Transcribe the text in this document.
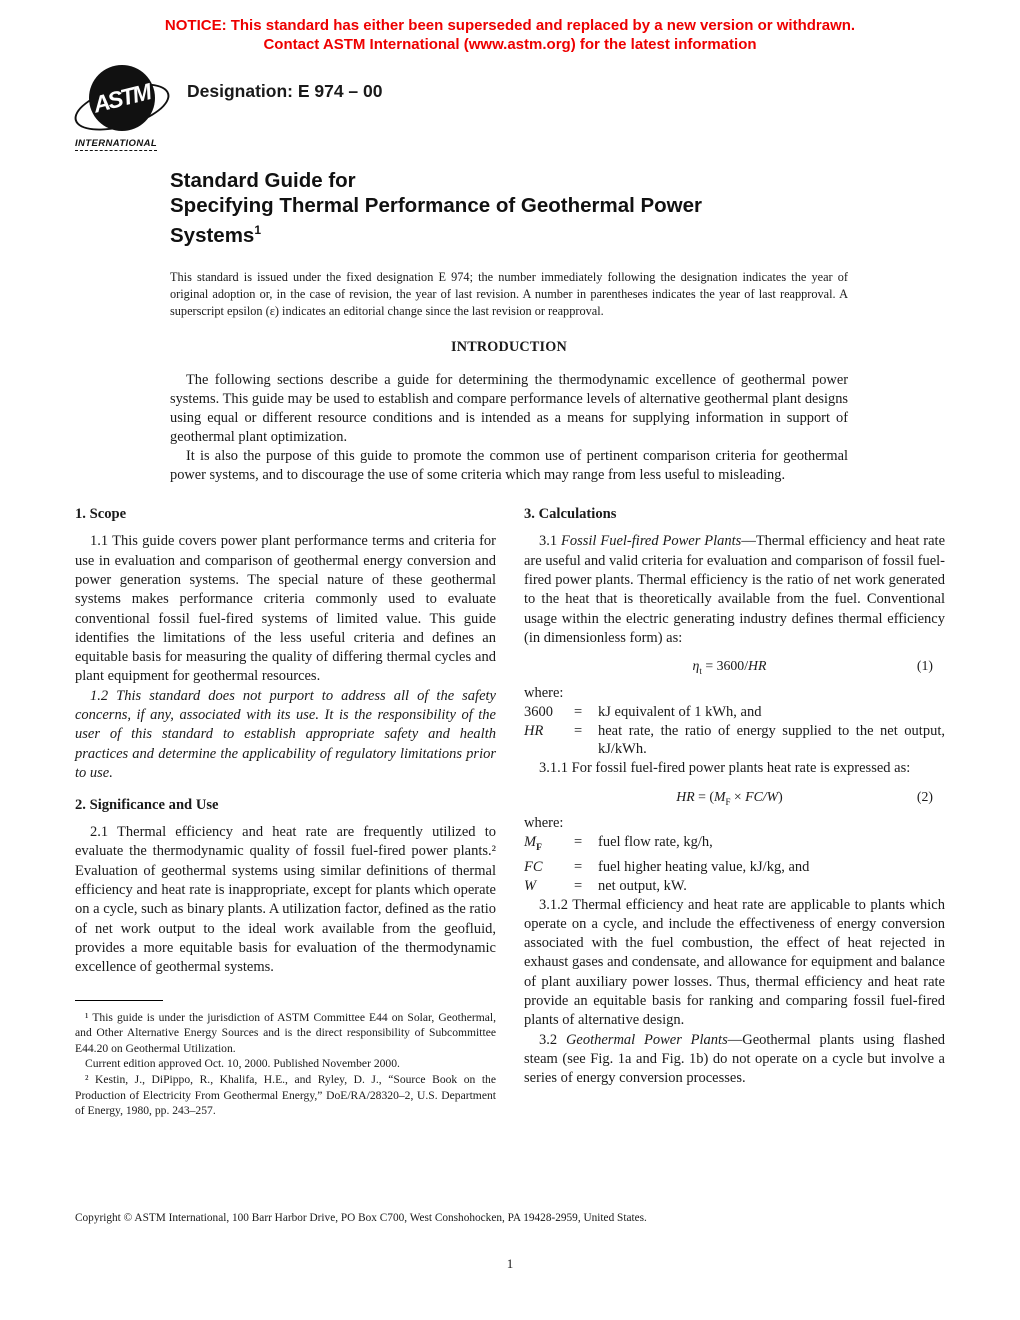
NOTICE: This standard has either been superseded and replaced by a new version or withdrawn.
Contact ASTM International (www.astm.org) for the latest information
ASTM
INTERNATIONAL
Designation: E 974 – 00
Standard Guide for
Specifying Thermal Performance of Geothermal Power
Systems$^1$
This standard is issued under the fixed designation E 974; the number immediately following the designation indicates the year of original adoption or, in the case of revision, the year of last revision. A number in parentheses indicates the year of last reapproval. A superscript epsilon (ε) indicates an editorial change since the last revision or reapproval.
INTRODUCTION

The following sections describe a guide for determining the thermodynamic excellence of geothermal power systems. This guide may be used to establish and compare performance levels of alternative geothermal plant designs using equal or different resource conditions and is intended as a means for supplying information in support of geothermal plant optimization.

It is also the purpose of this guide to promote the common use of pertinent comparison criteria for geothermal power systems, and to discourage the use of some criteria which may range from less useful to misleading.

1. Scope

1.1 This guide covers power plant performance terms and criteria for use in evaluation and comparison of geothermal energy conversion and power generation systems. The special nature of these geothermal systems makes performance criteria commonly used to evaluate conventional fossil fuel-fired systems of limited value. This guide identifies the limitations of the less useful criteria and defines an equitable basis for measuring the quality of differing thermal cycles and plant equipment for geothermal resources.

1.2 This standard does not purport to address all of the safety concerns, if any, associated with its use. It is the responsibility of the user of this standard to establish appropriate safety and health practices and determine the applicability of regulatory limitations prior to use.

2. Significance and Use

2.1 Thermal efficiency and heat rate are frequently utilized to evaluate the thermodynamic quality of fossil fuel-fired power plants.² Evaluation of geothermal systems using similar definitions of thermal efficiency and heat rate is inappropriate, except for plants which operate on a cycle, such as binary plants. A utilization factor, defined as the ratio of net work output to the ideal work available from the geofluid, provides a more equitable basis for evaluation of the thermodynamic excellence of geothermal systems.

¹ This guide is under the jurisdiction of ASTM Committee E44 on Solar, Geothermal, and Other Alternative Energy Sources and is the direct responsibility of Subcommittee E44.20 on Geothermal Utilization.

Current edition approved Oct. 10, 2000. Published November 2000.

² Kestin, J., DiPippo, R., Khalifa, H.E., and Ryley, D. J., “Source Book on the Production of Electricity From Geothermal Energy,” DoE/RA/28320–2, U.S. Department of Energy, 1980, pp. 243–257.

3. Calculations

3.1 Fossil Fuel-fired Power Plants—Thermal efficiency and heat rate are useful and valid criteria for evaluation and comparison of fossil fuel-fired power plants. Thermal efficiency is the ratio of net work generated to the heat that is theoretically available from the fuel. Conventional usage within the electric generating industry defines thermal efficiency (in dimensionless form) as:

$\eta_t = 3600/HR$	(1)
where:
3600	=	kJ equivalent of 1 kWh, and
HR	=	heat rate, the ratio of energy supplied to the net output, kJ/kWh.

3.1.1 For fossil fuel-fired power plants heat rate is expressed as:

HR = $(M_F \times FC/W)$	(2)
where:
$M_F$	=	fuel flow rate, kg/h,
FC	=	fuel higher heating value, kJ/kg, and
W	=	net output, kW.

3.1.2 Thermal efficiency and heat rate are applicable to plants which operate on a cycle, and include the effectiveness of energy conversion associated with the fuel combustion, the effect of heat rejected in exhaust gases and condensate, and allowance for equipment and balance of plant auxiliary power losses. Thus, thermal efficiency and heat rate provide an equitable basis for ranking and comparing fossil fuel-fired plants of alternative design.

3.2 Geothermal Power Plants—Geothermal plants using flashed steam (see Fig. 1a and Fig. 1b) do not operate on a cycle but involve a series of energy conversion processes.

Copyright © ASTM International, 100 Barr Harbor Drive, PO Box C700, West Conshohocken, PA 19428-2959, United States.
1
